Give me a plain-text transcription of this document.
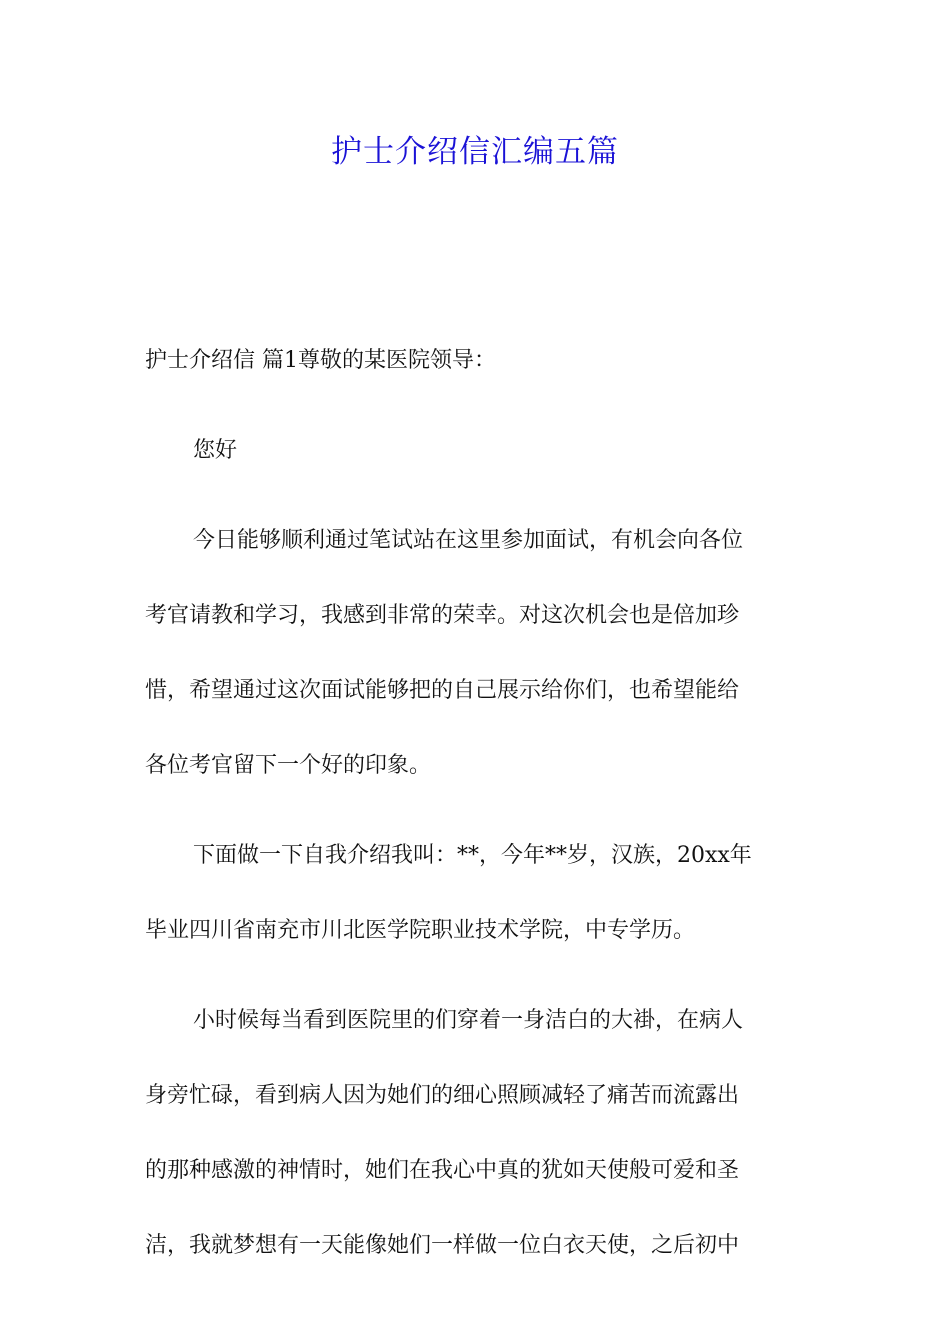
护士介绍信汇编五篇

护士介绍信 篇1尊敬的某医院领导：

您好

今日能够顺利通过笔试站在这里参加面试，有机会向各位
考官请教和学习，我感到非常的荣幸。对这次机会也是倍加珍
惜，希望通过这次面试能够把的自己展示给你们，也希望能给
各位考官留下一个好的印象。

下面做一下自我介绍我叫：**，今年**岁，汉族，20xx年
毕业四川省南充市川北医学院职业技术学院，中专学历。

小时候每当看到医院里的们穿着一身洁白的大褂，在病人
身旁忙碌，看到病人因为她们的细心照顾减轻了痛苦而流露出
的那种感激的神情时，她们在我心中真的犹如天使般可爱和圣
洁，我就梦想有一天能像她们一样做一位白衣天使，之后初中
